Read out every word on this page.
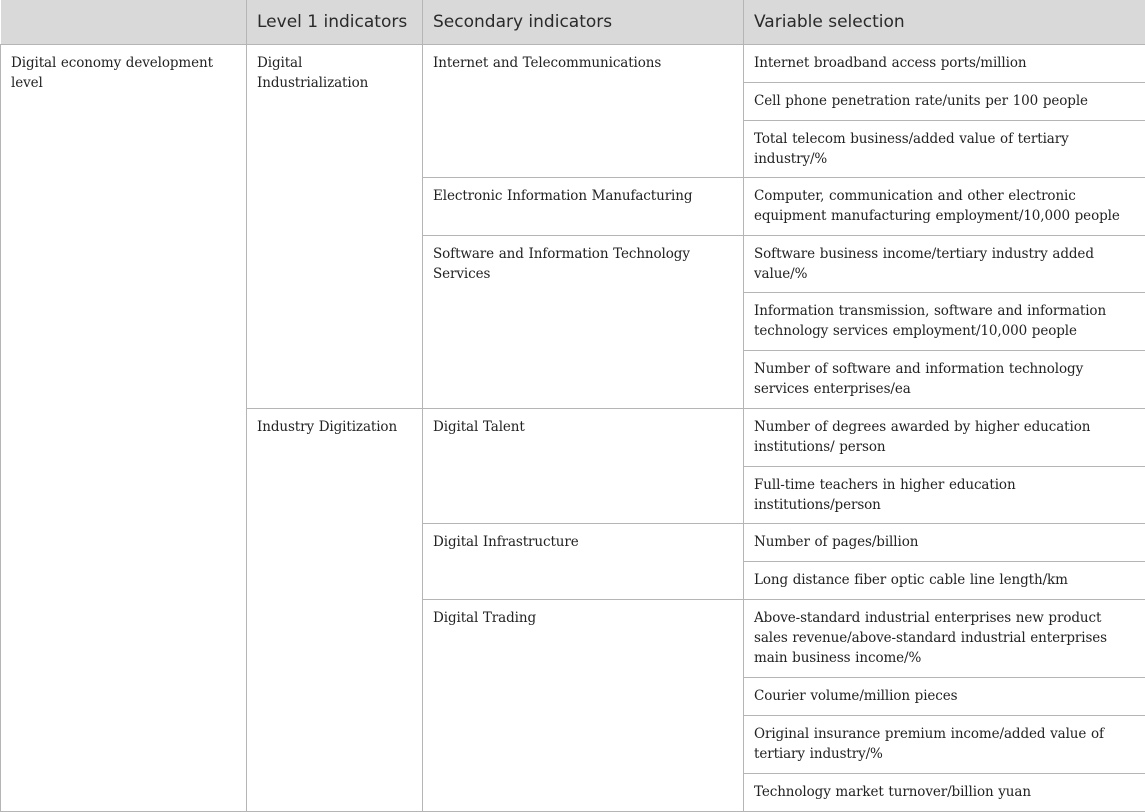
	Level 1 indicators	Secondary indicators	Variable selection
Digital economy development level	Digital Industrialization	Internet and Telecommunications	Internet broadband access ports/million
			Cell phone penetration rate/units per 100 people
			Total telecom business/added value of tertiary industry/%
		Electronic Information Manufacturing	Computer, communication and other electronic equipment manufacturing employment/10,000 people
		Software and Information Technology Services	Software business income/tertiary industry added value/%
			Information transmission, software and information technology services employment/10,000 people
			Number of software and information technology services enterprises/ea
	Industry Digitization	Digital Talent	Number of degrees awarded by higher education institutions/ person
			Full-time teachers in higher education institutions/person
		Digital Infrastructure	Number of pages/billion
			Long distance fiber optic cable line length/km
		Digital Trading	Above-standard industrial enterprises new product sales revenue/above-standard industrial enterprises main business income/%
			Courier volume/million pieces
			Original insurance premium income/added value of tertiary industry/%
			Technology market turnover/billion yuan
